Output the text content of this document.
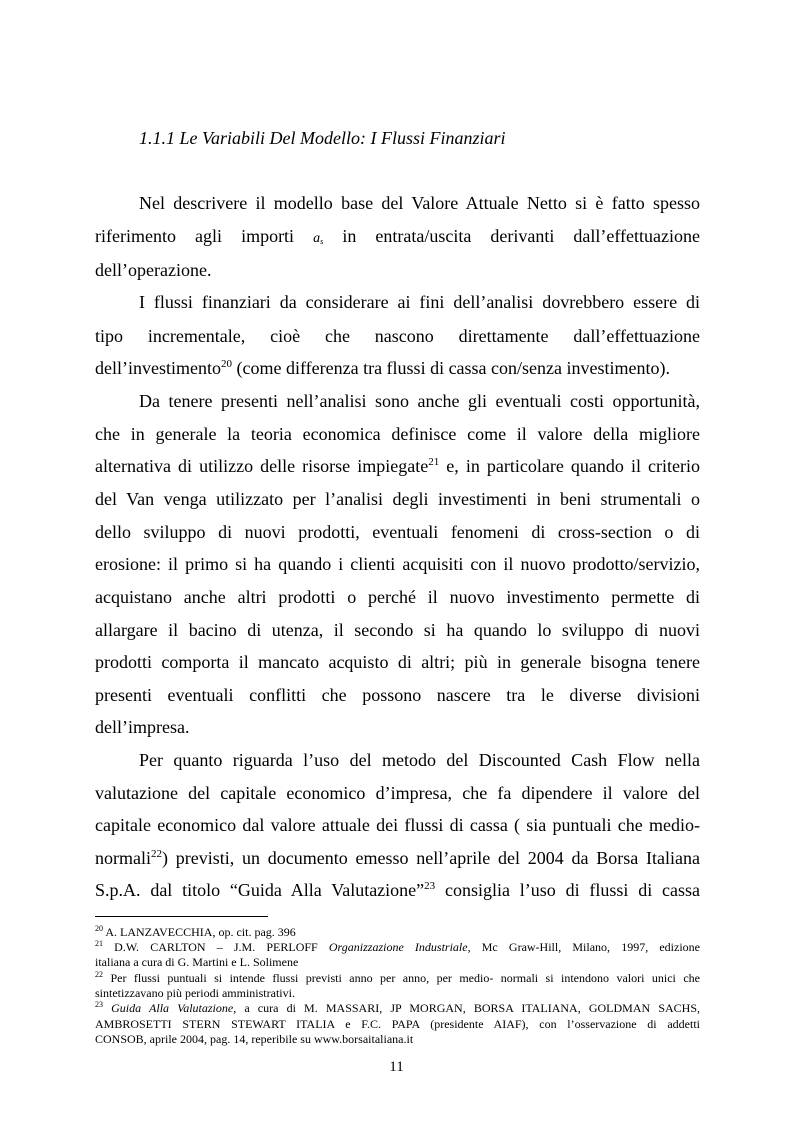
1.1.1 Le Variabili Del Modello: I Flussi Finanziari
Nel descrivere il modello base del Valore Attuale Netto si è fatto spesso
riferimento agli importi $a_s$ in entrata/uscita derivanti dall’effettuazione
dell’operazione.
I flussi finanziari da considerare ai fini dell’analisi dovrebbero essere di
tipo incrementale, cioè che nascono direttamente dall’effettuazione
dell’investimento$^{20}$ (come differenza tra flussi di cassa con/senza investimento).
Da tenere presenti nell’analisi sono anche gli eventuali costi opportunità,
che in generale la teoria economica definisce come il valore della migliore
alternativa di utilizzo delle risorse impiegate$^{21}$ e, in particolare quando il criterio
del Van venga utilizzato per l’analisi degli investimenti in beni strumentali o
dello sviluppo di nuovi prodotti, eventuali fenomeni di cross-section o di
erosione: il primo si ha quando i clienti acquisiti con il nuovo prodotto/servizio,
acquistano anche altri prodotti o perché il nuovo investimento permette di
allargare il bacino di utenza, il secondo si ha quando lo sviluppo di nuovi
prodotti comporta il mancato acquisto di altri; più in generale bisogna tenere
presenti eventuali conflitti che possono nascere tra le diverse divisioni
dell’impresa.
Per quanto riguarda l’uso del metodo del Discounted Cash Flow nella
valutazione del capitale economico d’impresa, che fa dipendere il valore del
capitale economico dal valore attuale dei flussi di cassa ( sia puntuali che medio-
normali$^{22}$) previsti, un documento emesso nell’aprile del 2004 da Borsa Italiana
S.p.A. dal titolo “Guida Alla Valutazione”$^{23}$ consiglia l’uso di flussi di cassa
$^{20}$ A. LANZAVECCHIA, op. cit. pag. 396
$^{21}$ D.W. CARLTON – J.M. PERLOFF Organizzazione Industriale, Mc Graw-Hill, Milano, 1997, edizione
italiana a cura di G. Martini e L. Solimene
$^{22}$ Per flussi puntuali si intende flussi previsti anno per anno, per medio- normali si intendono valori unici che
sintetizzavano più periodi amministrativi.
$^{23}$ Guida Alla Valutazione, a cura di M. MASSARI, JP MORGAN, BORSA ITALIANA, GOLDMAN SACHS,
AMBROSETTI STERN STEWART ITALIA e F.C. PAPA (presidente AIAF), con l’osservazione di addetti
CONSOB, aprile 2004, pag. 14, reperibile su www.borsaitaliana.it
11
